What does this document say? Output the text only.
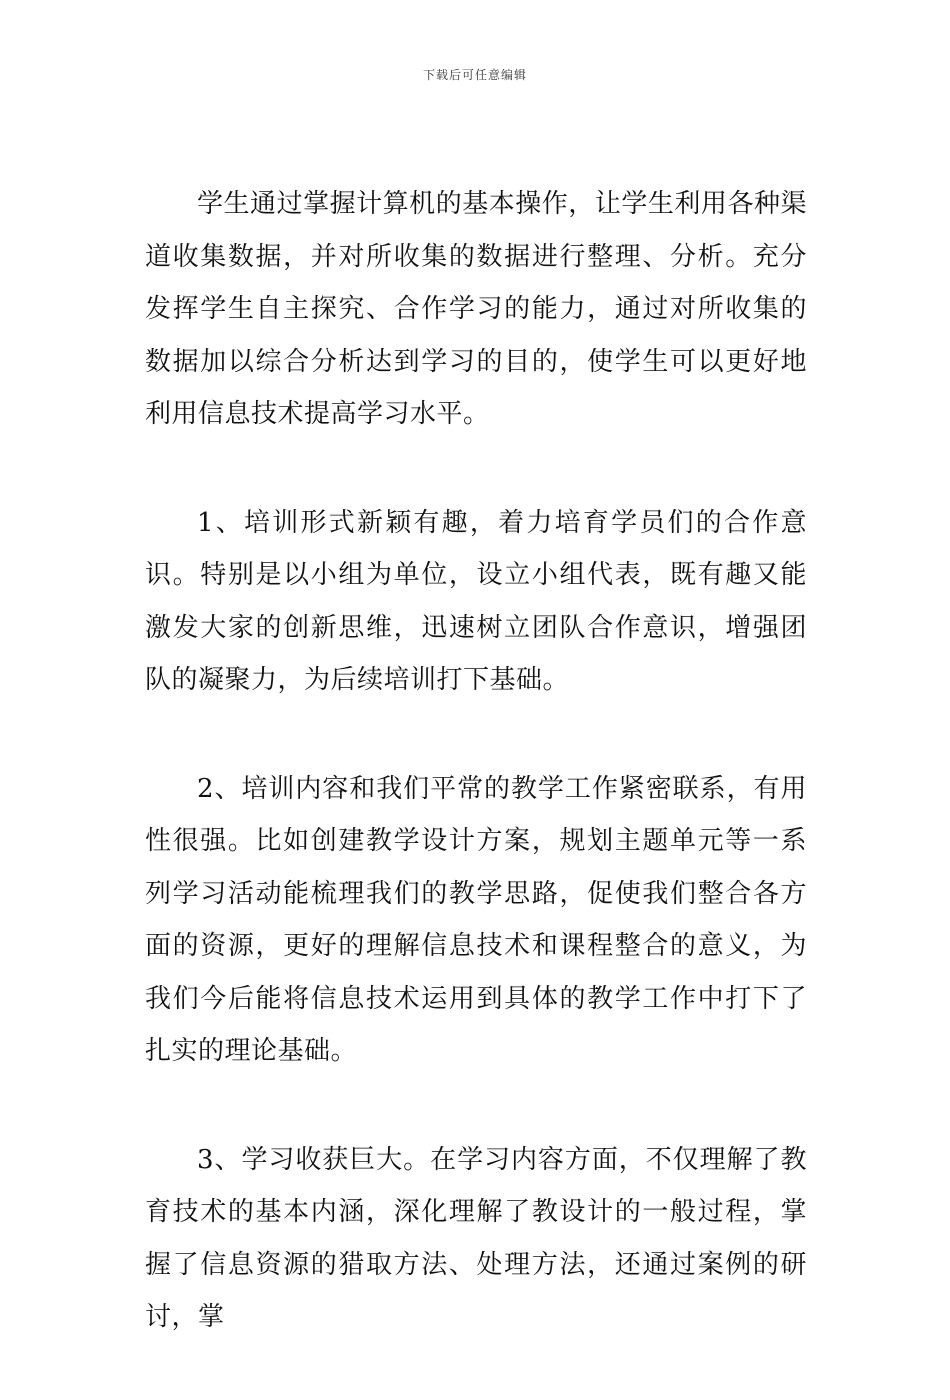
下载后可任意编辑

学生通过掌握计算机的基本操作，让学生利用各种渠道收集数据，并对所收集的数据进行整理、分析。充分发挥学生自主探究、合作学习的能力，通过对所收集的数据加以综合分析达到学习的目的，使学生可以更好地利用信息技术提高学习水平。

1、培训形式新颖有趣，着力培育学员们的合作意识。特别是以小组为单位，设立小组代表，既有趣又能激发大家的创新思维，迅速树立团队合作意识，增强团队的凝聚力，为后续培训打下基础。

2、培训内容和我们平常的教学工作紧密联系，有用性很强。比如创建教学设计方案，规划主题单元等一系列学习活动能梳理我们的教学思路，促使我们整合各方面的资源，更好的理解信息技术和课程整合的意义，为我们今后能将信息技术运用到具体的教学工作中打下了扎实的理论基础。

3、学习收获巨大。在学习内容方面，不仅理解了教育技术的基本内涵，深化理解了教设计的一般过程，掌握了信息资源的猎取方法、处理方法，还通过案例的研讨，掌
